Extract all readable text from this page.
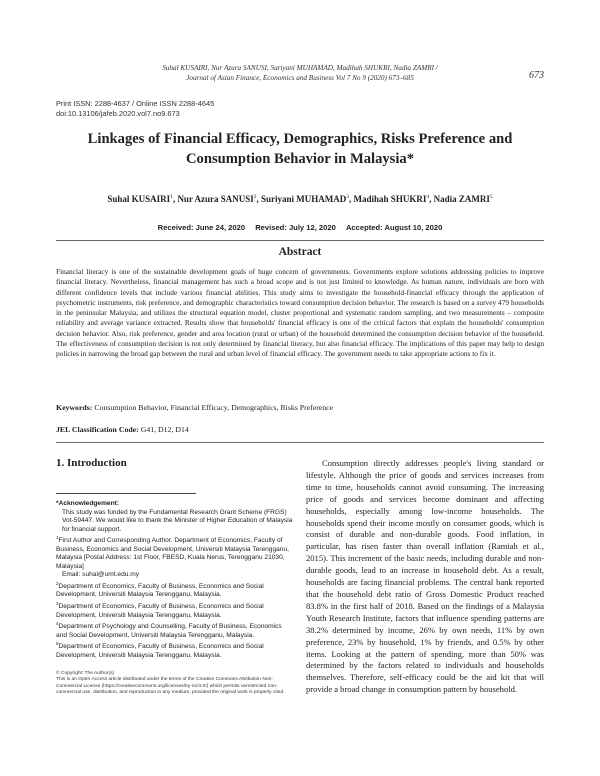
Suhal KUSAIRI, Nur Azura SANUSI, Suriyani MUHAMAD, Madihah SHUKRI, Nadia ZAMRI /
Journal of Asian Finance, Economics and Business Vol 7 No 9 (2020) 673–685	673
Print ISSN: 2288-4637 / Online ISSN 2288-4645
doi:10.13106/jafeb.2020.vol7.no9.673
Linkages of Financial Efficacy, Demographics, Risks Preference and
Consumption Behavior in Malaysia*
Suhal KUSAIRI$^1$, Nur Azura SANUSI$^2$, Suriyani MUHAMAD$^3$, Madihah SHUKRI$^4$, Nadia ZAMRI$^5$
Received: June 24, 2020 Revised: July 12, 2020 Accepted: August 10, 2020
Abstract
Financial literacy is one of the sustainable development goals of huge concern of governments. Governments explore solutions addressing policies to improve financial literacy. Nevertheless, financial management has such a broad scope and is not just limited to knowledge. As human nature, individuals are born with different confidence levels that include various financial abilities. This study aims to investigate the household-financial efficacy through the application of psychometric instruments, risk preference, and demographic characteristics toward consumption decision behavior. The research is based on a survey 479 households in the peninsular Malaysia, and utilizes the structural equation model, cluster proportional and systematic random sampling, and two measurements – composite reliability and average variance extracted. Results show that households' financial efficacy is one of the critical factors that explain the households' consumption decision behavior. Also, risk preference, gender and area location (rural or urban) of the household determined the consumption decision behavior of the household. The effectiveness of consumption decision is not only determined by financial literacy, but also financial efficacy. The implications of this paper may help to design policies in narrowing the broad gap between the rural and urban level of financial efficacy. The government needs to take appropriate actions to fix it.
Keywords: Consumption Behavior, Financial Efficacy, Demographics, Risks Preference
JEL Classification Code: G41, D12, D14
1. Introduction

*Acknowledgement:

This study was funded by the Fundamental Research Grant Scheme (FRGS) Vot-59447. We would like to thank the Minister of Higher Education of Malaysia for financial support.

$^1$First Author and Corresponding Author. Department of Economics, Faculty of Business, Economics and Social Development, Universiti Malaysia Terengganu, Malaysia [Postal Address: 1st Floor, FBESD, Kuala Nerus, Terengganu 21030, Malaysia]

Email: suhal@umt.edu.my

$^2$Department of Economics, Faculty of Business, Economics and Social Development, Universiti Malaysia Terengganu, Malaysia.

$^3$Department of Economics, Faculty of Business, Economics and Social Development, Universiti Malaysia Terengganu, Malaysia.

$^4$Department of Psychology and Counselling, Faculty of Business, Economics and Social Development, Universiti Malaysia Terengganu, Malaysia.

$^5$Department of Economics, Faculty of Business, Economics and Social Development, Universiti Malaysia Terengganu, Malaysia.

© Copyright: The Author(s)

This is an Open Access article distributed under the terms of the Creative Commons Attribution Non-Commercial License (https://creativecommons.org/licenses/by-nc/4.0/) which permits unrestricted non-commercial use, distribution, and reproduction in any medium, provided the original work is properly cited.

Consumption directly addresses people's living standard or lifestyle. Although the price of goods and services increases from time to time, households cannot avoid consuming. The increasing price of goods and services become dominant and affecting households, especially among low-income households. The households spend their income mostly on consumer goods, which is consist of durable and non-durable goods. Food inflation, in particular, has risen faster than overall inflation (Ramiah et al., 2015). This increment of the basic needs, including durable and non-durable goods, lead to an increase in household debt. As a result, households are facing financial problems. The central bank reported that the household debt ratio of Gross Domestic Product reached 83.8% in the first half of 2018. Based on the findings of a Malaysia Youth Research Institute, factors that influence spending patterns are 38.2% determined by income, 26% by own needs, 11% by own preference, 23% by household, 1% by friends, and 0.5% by other items. Looking at the pattern of spending, more than 50% was determined by the factors related to individuals and households themselves. Therefore, self-efficacy could be the aid kit that will provide a broad change in consumption pattern by household.
